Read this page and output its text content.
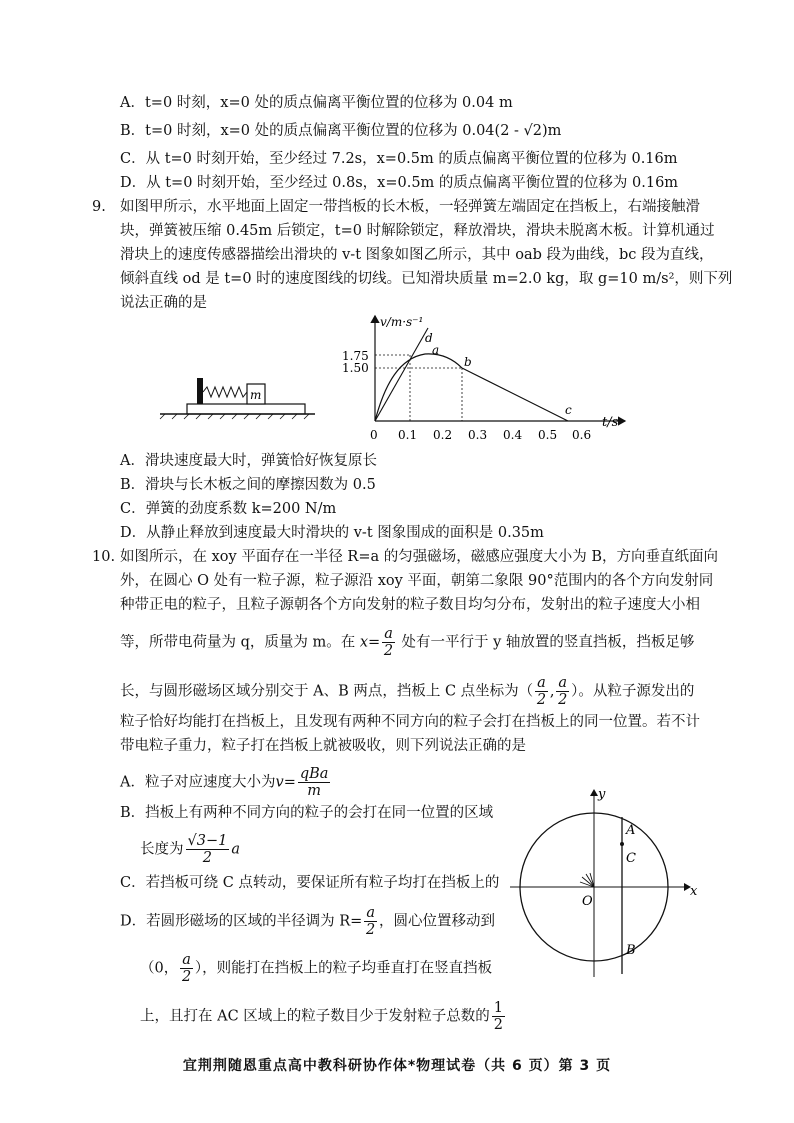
A．t=0 时刻，x=0 处的质点偏离平衡位置的位移为 0.04 m
B．t=0 时刻，x=0 处的质点偏离平衡位置的位移为 0.04(2 - √2)m
C．从 t=0 时刻开始，至少经过 7.2s，x=0.5m 的质点偏离平衡位置的位移为 0.16m
D．从 t=0 时刻开始，至少经过 0.8s，x=0.5m 的质点偏离平衡位置的位移为 0.16m
9. 如图甲所示，水平地面上固定一带挡板的长木板，一轻弹簧左端固定在挡板上，右端接触滑
块，弹簧被压缩 0.45m 后锁定，t=0 时解除锁定，释放滑块，滑块未脱离木板。计算机通过
滑块上的速度传感器描绘出滑块的 v-t 图象如图乙所示，其中 oab 段为曲线，bc 段为直线，
倾斜直线 od 是 t=0 时的速度图线的切线。已知滑块质量 m=2.0 kg，取 g=10 m/s²，则下列
说法正确的是
m
v/m·s⁻¹
t/s
0
1.75
1.50
0.1 0.2 0.3 0.4 0.5 0.6
a
b
c
d
A．滑块速度最大时，弹簧恰好恢复原长
B．滑块与长木板之间的摩擦因数为 0.5
C．弹簧的劲度系数 k=200 N/m
D．从静止释放到速度最大时滑块的 v-t 图象围成的面积是 0.35m
10. 如图所示，在 xoy 平面存在一半径 R=a 的匀强磁场，磁感应强度大小为 B，方向垂直纸面向
外，在圆心 O 处有一粒子源，粒子源沿 xoy 平面，朝第二象限 90°范围内的各个方向发射同
种带正电的粒子，且粒子源朝各个方向发射的粒子数目均匀分布，发射出的粒子速度大小相
等，所带电荷量为 q，质量为 m。在 $x= \frac{a}{2}$ 处有一平行于 y 轴放置的竖直挡板，挡板足够
长，与圆形磁场区域分别交于 A、B 两点，挡板上 C 点坐标为（ $\frac{a}{2}$ , $\frac{a}{2}$ ）。从粒子源发出的
粒子恰好均能打在挡板上，且发现有两种不同方向的粒子会打在挡板上的同一位置。若不计
带电粒子重力，粒子打在挡板上就被吸收，则下列说法正确的是
A．粒子对应速度大小为$v= \frac{\text{qBa}}{m}$
B．挡板上有两种不同方向的粒子的会打在同一位置的区域
长度为 $\frac{√3-1}{2}$ a
C．若挡板可绕 C 点转动，要保证所有粒子均打在挡板上的
D．若圆形磁场的区域的半径调为 $R= \frac{a}{2}$ ，圆心位置移动到
（0， $\frac{a}{2}$ ），则能打在挡板上的粒子均垂直打在竖直挡板
上，且打在 AC 区域上的粒子数目少于发射粒子总数的 $\frac{1}{2}$
x
y
O
A
C
B
宜荆荆随恩重点高中教科研协作体*物理试卷（共 6 页）第 3 页
